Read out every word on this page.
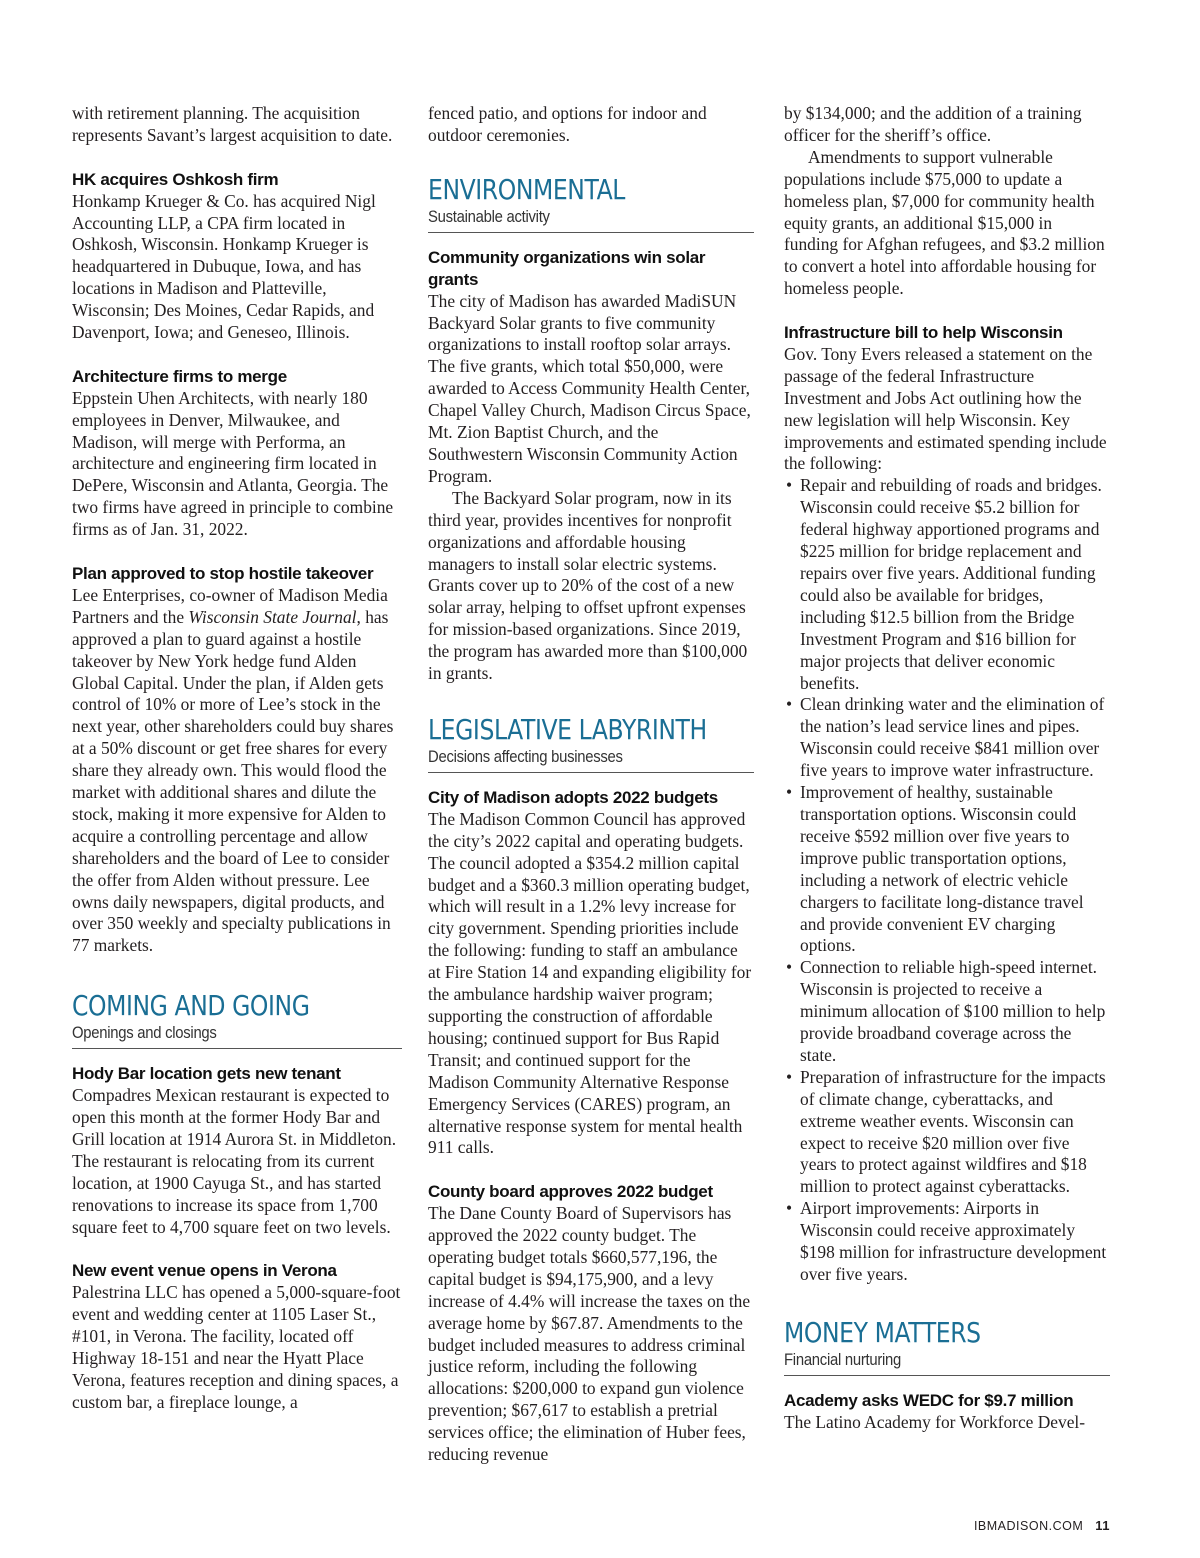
with retirement planning. The acquisition represents Savant’s largest acquisition to date.

HK acquires Oshkosh firm

Honkamp Krueger & Co. has acquired Nigl Accounting LLP, a CPA firm located in Oshkosh, Wisconsin. Honkamp Krueger is headquartered in Dubuque, Iowa, and has locations in Madison and Platteville, Wisconsin; Des Moines, Cedar Rapids, and Davenport, Iowa; and Geneseo, Illinois.

Architecture firms to merge

Eppstein Uhen Architects, with nearly 180 employees in Denver, Milwaukee, and Madison, will merge with Performa, an architecture and engineering firm located in DePere, Wisconsin and Atlanta, Georgia. The two firms have agreed in principle to combine firms as of Jan. 31, 2022.

Plan approved to stop hostile takeover

Lee Enterprises, co-owner of Madison Media Partners and the Wisconsin State Journal, has approved a plan to guard against a hostile takeover by New York hedge fund Alden Global Capital. Under the plan, if Alden gets control of 10% or more of Lee’s stock in the next year, other shareholders could buy shares at a 50% discount or get free shares for every share they already own. This would flood the market with additional shares and dilute the stock, making it more expensive for Alden to acquire a controlling percentage and allow shareholders and the board of Lee to consider the offer from Alden without pressure. Lee owns daily newspapers, digital products, and over 350 weekly and specialty publications in 77 markets.

COMING AND GOING

Openings and closings

Hody Bar location gets new tenant

Compadres Mexican restaurant is expected to open this month at the former Hody Bar and Grill location at 1914 Aurora St. in Middleton. The restaurant is relocating from its current location, at 1900 Cayuga St., and has started renovations to increase its space from 1,700 square feet to 4,700 square feet on two levels.

New event venue opens in Verona

Palestrina LLC has opened a 5,000-square-foot event and wedding center at 1105 Laser St., #101, in Verona. The facility, located off Highway 18-151 and near the Hyatt Place Verona, features reception and dining spaces, a custom bar, a fireplace lounge, a

fenced patio, and options for indoor and outdoor ceremonies.

ENVIRONMENTAL

Sustainable activity

Community organizations win solar grants

The city of Madison has awarded MadiSUN Backyard Solar grants to five community organizations to install rooftop solar arrays. The five grants, which total $50,000, were awarded to Access Community Health Center, Chapel Valley Church, Madison Circus Space, Mt. Zion Baptist Church, and the Southwestern Wisconsin Community Action Program.

The Backyard Solar program, now in its third year, provides incentives for nonprofit organizations and affordable housing managers to install solar electric systems. Grants cover up to 20% of the cost of a new solar array, helping to offset upfront expenses for mission-based organizations. Since 2019, the program has awarded more than $100,000 in grants.

LEGISLATIVE LABYRINTH

Decisions affecting businesses

City of Madison adopts 2022 budgets

The Madison Common Council has approved the city’s 2022 capital and operating budgets. The council adopted a $354.2 million capital budget and a $360.3 million operating budget, which will result in a 1.2% levy increase for city government. Spending priorities include the following: funding to staff an ambulance at Fire Station 14 and expanding eligibility for the ambulance hardship waiver program; supporting the construction of affordable housing; continued support for Bus Rapid Transit; and continued support for the Madison Community Alternative Response Emergency Services (CARES) program, an alternative response system for mental health 911 calls.

County board approves 2022 budget

The Dane County Board of Supervisors has approved the 2022 county budget. The operating budget totals $660,577,196, the capital budget is $94,175,900, and a levy increase of 4.4% will increase the taxes on the average home by $67.87. Amendments to the budget included measures to address criminal justice reform, including the following allocations: $200,000 to expand gun violence prevention; $67,617 to establish a pretrial services office; the elimination of Huber fees, reducing revenue

by $134,000; and the addition of a training officer for the sheriff’s office.

Amendments to support vulnerable populations include $75,000 to update a homeless plan, $7,000 for community health equity grants, an additional $15,000 in funding for Afghan refugees, and $3.2 million to convert a hotel into affordable housing for homeless people.

Infrastructure bill to help Wisconsin

Gov. Tony Evers released a statement on the passage of the federal Infrastructure Investment and Jobs Act outlining how the new legislation will help Wisconsin. Key improvements and estimated spending include the following:

• Repair and rebuilding of roads and bridges. Wisconsin could receive $5.2 billion for federal highway apportioned programs and $225 million for bridge replacement and repairs over five years. Additional funding could also be available for bridges, including $12.5 billion from the Bridge Investment Program and $16 billion for major projects that deliver economic benefits.
• Clean drinking water and the elimination of the nation’s lead service lines and pipes. Wisconsin could receive $841 million over five years to improve water infrastructure.
• Improvement of healthy, sustainable transportation options. Wisconsin could receive $592 million over five years to improve public transportation options, including a network of electric vehicle chargers to facilitate long-distance travel and provide convenient EV charging options.
• Connection to reliable high-speed internet. Wisconsin is projected to receive a minimum allocation of $100 million to help provide broadband coverage across the state.
• Preparation of infrastructure for the impacts of climate change, cyberattacks, and extreme weather events. Wisconsin can expect to receive $20 million over five years to protect against wildfires and $18 million to protect against cyberattacks.
• Airport improvements: Airports in Wisconsin could receive approximately $198 million for infrastructure development over five years.

MONEY MATTERS

Financial nurturing

Academy asks WEDC for $9.7 million

The Latino Academy for Workforce Devel-

IBMADISON.COM 11
